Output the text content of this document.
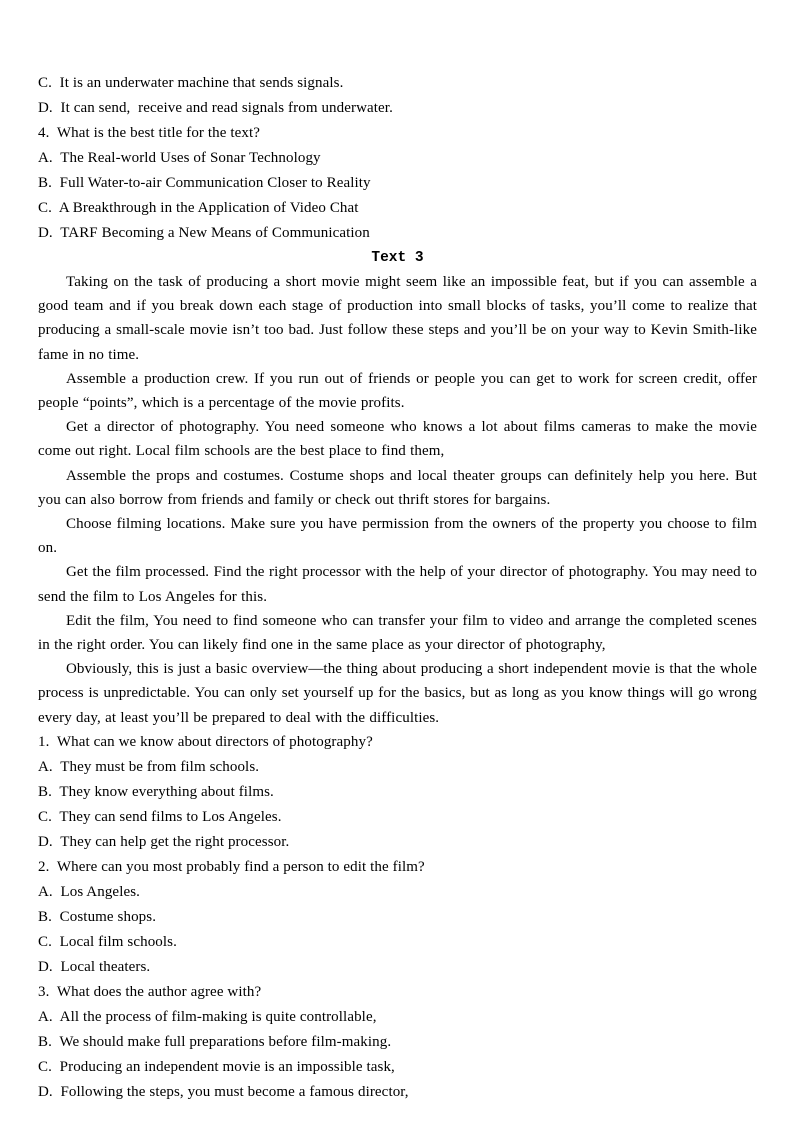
C.  It is an underwater machine that sends signals.
D.  It can send,  receive and read signals from underwater.
4.  What is the best title for the text?
A.  The Real-world Uses of Sonar Technology
B.  Full Water-to-air Communication Closer to Reality
C.  A Breakthrough in the Application of Video Chat
D.  TARF Becoming a New Means of Communication
Text 3

Taking on the task of producing a short movie might seem like an impossible feat, but if you can assemble a good team and if you break down each stage of production into small blocks of tasks, you’ll come to realize that producing a small-scale movie isn’t too bad. Just follow these steps and you’ll be on your way to Kevin Smith-like fame in no time.

Assemble a production crew. If you run out of friends or people you can get to work for screen credit, offer people “points”, which is a percentage of the movie profits.

Get a director of photography. You need someone who knows a lot about films cameras to make the movie come out right. Local film schools are the best place to find them,

Assemble the props and costumes. Costume shops and local theater groups can definitely help you here. But you can also borrow from friends and family or check out thrift stores for bargains.

Choose filming locations. Make sure you have permission from the owners of the property you choose to film on.

Get the film processed. Find the right processor with the help of your director of photography. You may need to send the film to Los Angeles for this.

Edit the film, You need to find someone who can transfer your film to video and arrange the completed scenes in the right order. You can likely find one in the same place as your director of photography,

Obviously, this is just a basic overview—the thing about producing a short independent movie is that the whole process is unpredictable. You can only set yourself up for the basics, but as long as you know things will go wrong every day, at least you’ll be prepared to deal with the difficulties.

1.  What can we know about directors of photography?
A.  They must be from film schools.
B.  They know everything about films.
C.  They can send films to Los Angeles.
D.  They can help get the right processor.
2.  Where can you most probably find a person to edit the film?
A.  Los Angeles.
B.  Costume shops.
C.  Local film schools.
D.  Local theaters.
3.  What does the author agree with?
A.  All the process of film-making is quite controllable,
B.  We should make full preparations before film-making.
C.  Producing an independent movie is an impossible task,
D.  Following the steps, you must become a famous director,
